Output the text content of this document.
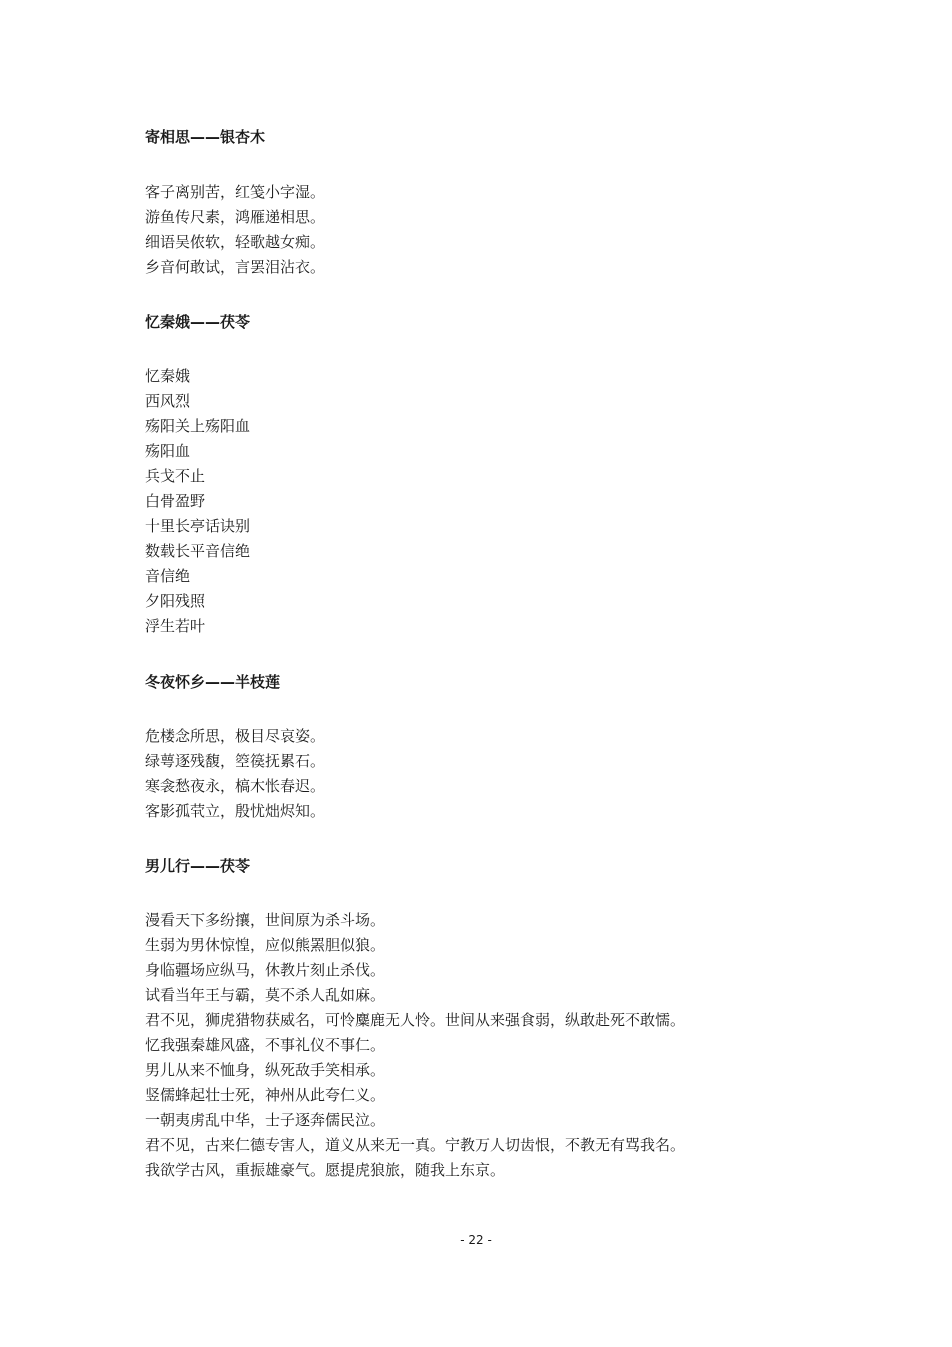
寄相思——银杏木
客子离别苦，红笺小字湿。
游鱼传尺素，鸿雁递相思。
细语吴侬软，轻歌越女痴。
乡音何敢试，言罢泪沾衣。
忆秦娥——茯苓
忆秦娥
西风烈
殇阳关上殇阳血
殇阳血
兵戈不止
白骨盈野
十里长亭话诀别
数载长平音信绝
音信绝
夕阳残照
浮生若叶
冬夜怀乡——半枝莲
危楼念所思，极目尽哀姿。
绿萼逐残馥，箜篌抚累石。
寒衾愁夜永，槁木怅春迟。
客影孤茕立，殷忧炪烬知。
男儿行——茯苓
漫看天下多纷攘，世间原为杀斗场。
生弱为男休惊惶，应似熊罴胆似狼。
身临疆场应纵马，休教片刻止杀伐。
试看当年王与霸，莫不杀人乱如麻。
君不见，狮虎猎物获威名，可怜麋鹿无人怜。世间从来强食弱，纵敢赴死不敢懦。
忆我强秦雄风盛，不事礼仪不事仁。
男儿从来不恤身，纵死敌手笑相承。
竖儒蜂起壮士死，神州从此夸仁义。
一朝夷虏乱中华，士子逐奔儒民泣。
君不见，古来仁德专害人，道义从来无一真。宁教万人切齿恨，不教无有骂我名。
我欲学古风，重振雄豪气。愿提虎狼旅，随我上东京。
- 22 -
